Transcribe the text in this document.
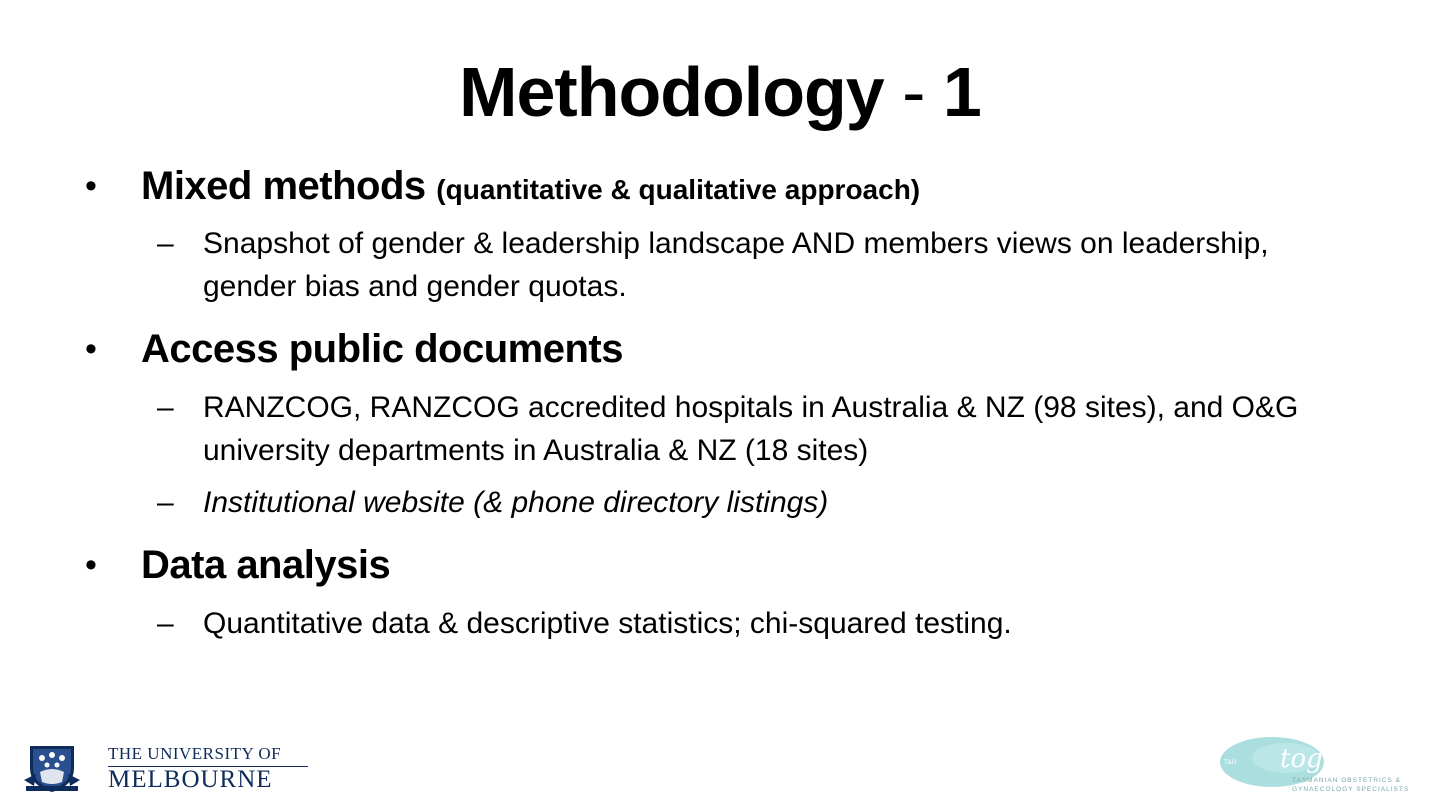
Methodology - 1
• Mixed methods (quantitative & qualitative approach)
– Snapshot of gender & leadership landscape AND members views on leadership, gender bias and gender quotas.
• Access public documents
– RANZCOG, RANZCOG accredited hospitals in Australia & NZ (98 sites), and O&G university departments in Australia & NZ (18 sites)
– Institutional website (& phone directory listings)
• Data analysis
– Quantitative data & descriptive statistics; chi-squared testing.
THE UNIVERSITY OF
MELBOURNE
togs
T&G
TASMANIAN OBSTETRICS &
GYNAECOLOGY SPECIALISTS
